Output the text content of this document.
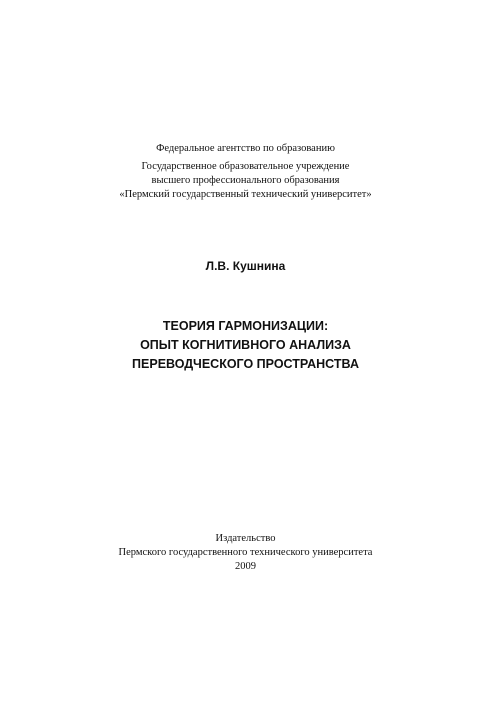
Федеральное агентство по образованию
Государственное образовательное учреждение
высшего профессионального образования
«Пермский государственный технический университет»
Л.В. Кушнина
ТЕОРИЯ ГАРМОНИЗАЦИИ:
ОПЫТ КОГНИТИВНОГО АНАЛИЗА
ПЕРЕВОДЧЕСКОГО ПРОСТРАНСТВА
Издательство
Пермского государственного технического университета
2009
